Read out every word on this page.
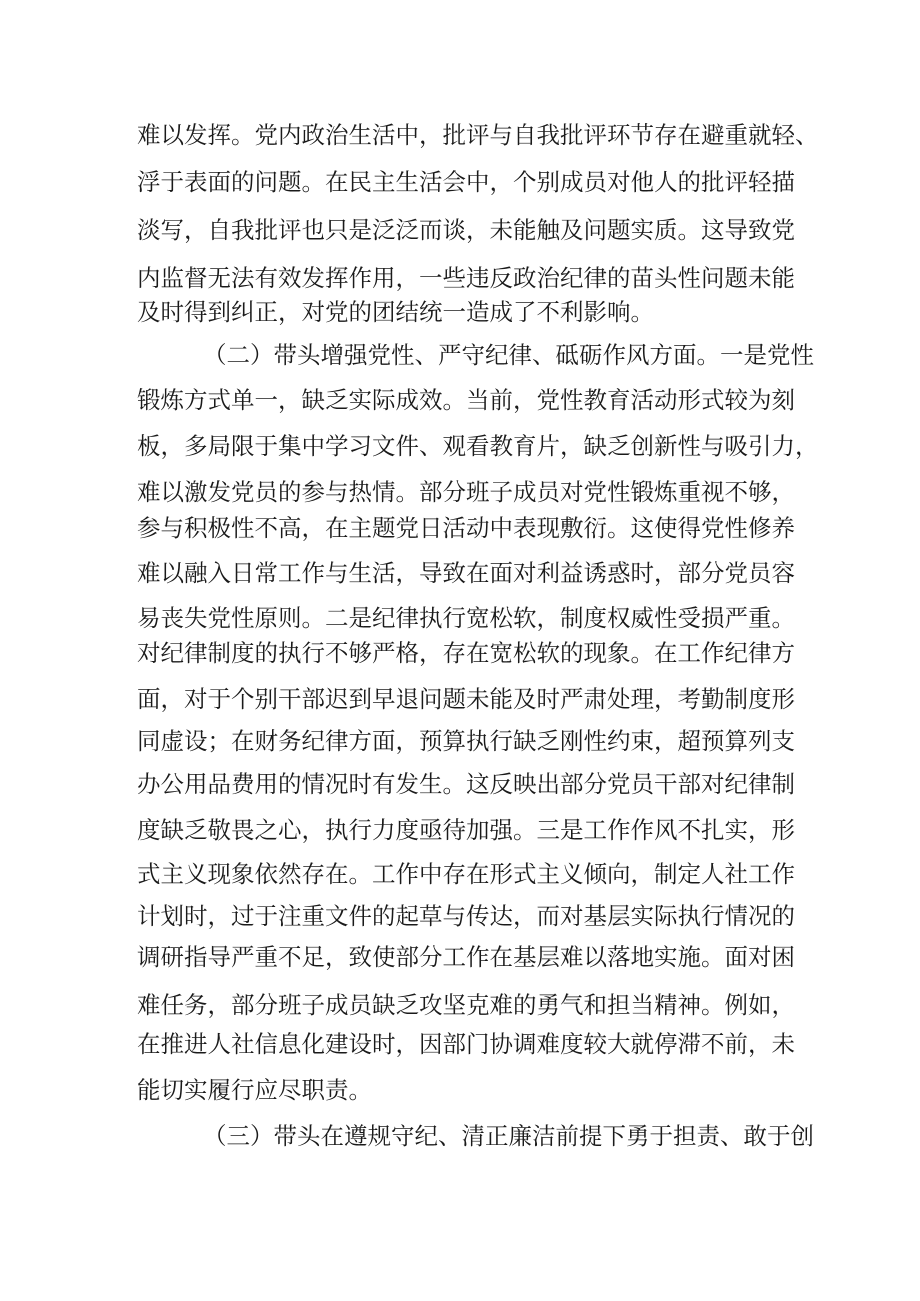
难以发挥。党内政治生活中，批评与自我批评环节存在避重就轻、
浮于表面的问题。在民主生活会中，个别成员对他人的批评轻描
淡写，自我批评也只是泛泛而谈，未能触及问题实质。这导致党
内监督无法有效发挥作用，一些违反政治纪律的苗头性问题未能
及时得到纠正，对党的团结统一造成了不利影响。
（二）带头增强党性、严守纪律、砥砺作风方面。一是党性
锻炼方式单一，缺乏实际成效。当前，党性教育活动形式较为刻
板，多局限于集中学习文件、观看教育片，缺乏创新性与吸引力，
难以激发党员的参与热情。部分班子成员对党性锻炼重视不够，
参与积极性不高，在主题党日活动中表现敷衍。这使得党性修养
难以融入日常工作与生活，导致在面对利益诱惑时，部分党员容
易丧失党性原则。二是纪律执行宽松软，制度权威性受损严重。
对纪律制度的执行不够严格，存在宽松软的现象。在工作纪律方
面，对于个别干部迟到早退问题未能及时严肃处理，考勤制度形
同虚设；在财务纪律方面，预算执行缺乏刚性约束，超预算列支
办公用品费用的情况时有发生。这反映出部分党员干部对纪律制
度缺乏敬畏之心，执行力度亟待加强。三是工作作风不扎实，形
式主义现象依然存在。工作中存在形式主义倾向，制定人社工作
计划时，过于注重文件的起草与传达，而对基层实际执行情况的
调研指导严重不足，致使部分工作在基层难以落地实施。面对困
难任务，部分班子成员缺乏攻坚克难的勇气和担当精神。例如，
在推进人社信息化建设时，因部门协调难度较大就停滞不前，未
能切实履行应尽职责。
（三）带头在遵规守纪、清正廉洁前提下勇于担责、敢于创
